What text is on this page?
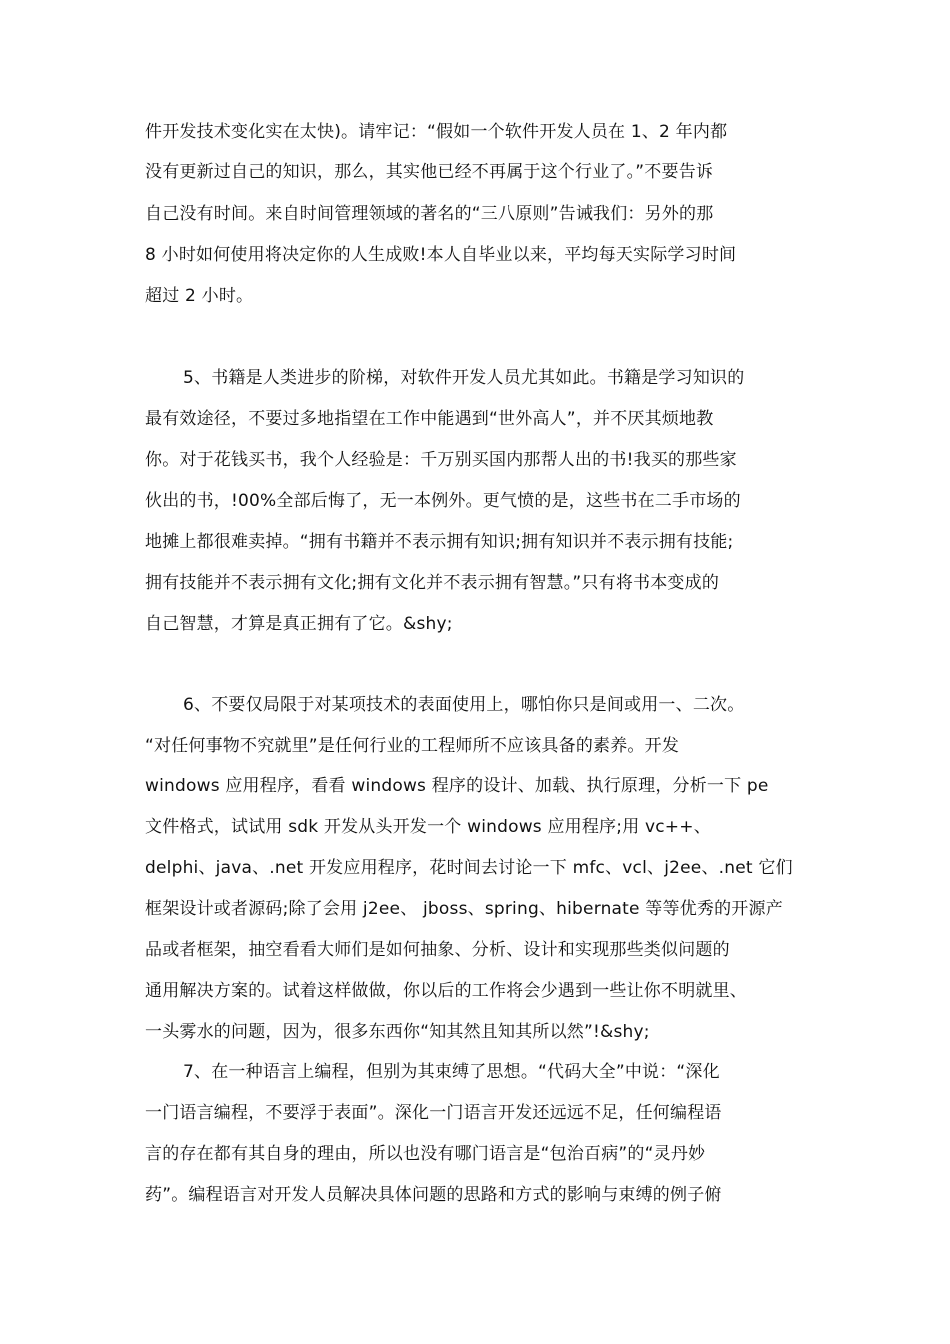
件开发技术变化实在太快)。请牢记：“假如一个软件开发人员在 1、2 年内都
没有更新过自己的知识，那么，其实他已经不再属于这个行业了。”不要告诉
自己没有时间。来自时间管理领域的著名的“三八原则”告诫我们：另外的那
8 小时如何使用将决定你的人生成败!本人自毕业以来，平均每天实际学习时间
超过 2 小时。
5、书籍是人类进步的阶梯，对软件开发人员尤其如此。书籍是学习知识的
最有效途径，不要过多地指望在工作中能遇到“世外高人”，并不厌其烦地教
你。对于花钱买书，我个人经验是：千万别买国内那帮人出的书!我买的那些家
伙出的书，!00%全部后悔了，无一本例外。更气愤的是，这些书在二手市场的
地摊上都很难卖掉。“拥有书籍并不表示拥有知识;拥有知识并不表示拥有技能;
拥有技能并不表示拥有文化;拥有文化并不表示拥有智慧。”只有将书本变成的
自己智慧，才算是真正拥有了它。&shy;
6、不要仅局限于对某项技术的表面使用上，哪怕你只是间或用一、二次。
“对任何事物不究就里”是任何行业的工程师所不应该具备的素养。开发
windows 应用程序，看看 windows 程序的设计、加载、执行原理，分析一下 pe
文件格式，试试用 sdk 开发从头开发一个 windows 应用程序;用 vc++、
delphi、java、.net 开发应用程序，花时间去讨论一下 mfc、vcl、j2ee、.net 它们
框架设计或者源码;除了会用 j2ee、 jboss、spring、hibernate 等等优秀的开源产
品或者框架，抽空看看大师们是如何抽象、分析、设计和实现那些类似问题的
通用解决方案的。试着这样做做，你以后的工作将会少遇到一些让你不明就里、
一头雾水的问题，因为，很多东西你“知其然且知其所以然”!&shy;
7、在一种语言上编程，但别为其束缚了思想。“代码大全”中说：“深化
一门语言编程，不要浮于表面”。深化一门语言开发还远远不足，任何编程语
言的存在都有其自身的理由，所以也没有哪门语言是“包治百病”的“灵丹妙
药”。编程语言对开发人员解决具体问题的思路和方式的影响与束缚的例子俯
